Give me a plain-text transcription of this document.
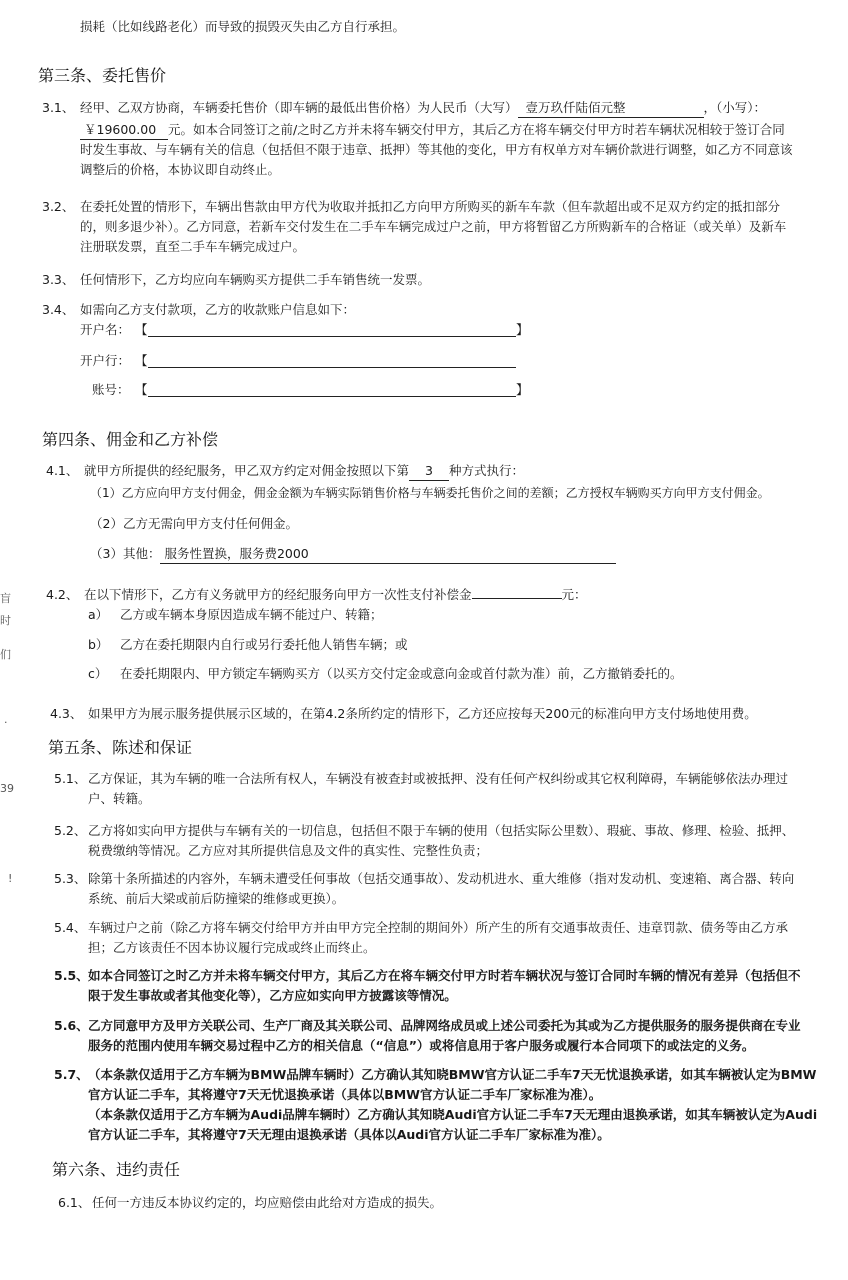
损耗（比如线路老化）而导致的损毁灭失由乙方自行承担。
第三条、委托售价
3.1、 经甲、乙双方协商，车辆委托售价（即车辆的最低出售价格）为人民币（大写） 壹万玖仟陆佰元整	，（小写）：
￥19600.00 元。如本合同签订之前/之时乙方并未将车辆交付甲方，其后乙方在将车辆交付甲方时若车辆状况相较于签订合同
时发生事故、与车辆有关的信息（包括但不限于违章、抵押）等其他的变化，甲方有权单方对车辆价款进行调整，如乙方不同意该
调整后的价格，本协议即自动终止。
3.2、 在委托处置的情形下，车辆出售款由甲方代为收取并抵扣乙方向甲方所购买的新车车款（但车款超出或不足双方约定的抵扣部分
的，则多退少补）。乙方同意，若新车交付发生在二手车车辆完成过户之前，甲方将暂留乙方所购新车的合格证（或关单）及新车
注册联发票，直至二手车车辆完成过户。
3.3、 任何情形下，乙方均应向车辆购买方提供二手车销售统一发票。
3.4、 如需向乙方支付款项，乙方的收款账户信息如下：
开户名： 【	】
开户行： 【
账号： 【	】
第四条、佣金和乙方补偿
4.1、 就甲方所提供的经纪服务，甲乙双方约定对佣金按照以下第 3 种方式执行：
（1）乙方应向甲方支付佣金，佣金金额为车辆实际销售价格与车辆委托售价之间的差额；乙方授权车辆购买方向甲方支付佣金。
（2）乙方无需向甲方支付任何佣金。
（3）其他： 服务性置换，服务费2000
4.2、 在以下情形下，乙方有义务就甲方的经纪服务向甲方一次性支付补偿金	元：
a） 乙方或车辆本身原因造成车辆不能过户、转籍；
b） 乙方在委托期限内自行或另行委托他人销售车辆；或
c） 在委托期限内、甲方锁定车辆购买方（以买方交付定金或意向金或首付款为准）前，乙方撤销委托的。
4.3、 如果甲方为展示服务提供展示区域的，在第4.2条所约定的情形下，乙方还应按每天200元的标准向甲方支付场地使用费。
第五条、陈述和保证
5.1、 乙方保证，其为车辆的唯一合法所有权人，车辆没有被查封或被抵押、没有任何产权纠纷或其它权利障碍，车辆能够依法办理过
户、转籍。
5.2、 乙方将如实向甲方提供与车辆有关的一切信息，包括但不限于车辆的使用（包括实际公里数）、瑕疵、事故、修理、检验、抵押、
税费缴纳等情况。乙方应对其所提供信息及文件的真实性、完整性负责；
5.3、 除第十条所描述的内容外，车辆未遭受任何事故（包括交通事故）、发动机进水、重大维修（指对发动机、变速箱、离合器、转向
系统、前后大梁或前后防撞梁的维修或更换）。
5.4、 车辆过户之前（除乙方将车辆交付给甲方并由甲方完全控制的期间外）所产生的所有交通事故责任、违章罚款、债务等由乙方承
担；乙方该责任不因本协议履行完成或终止而终止。
5.5、 如本合同签订之时乙方并未将车辆交付甲方，其后乙方在将车辆交付甲方时若车辆状况与签订合同时车辆的情况有差异（包括但不
限于发生事故或者其他变化等），乙方应如实向甲方披露该等情况。
5.6、 乙方同意甲方及甲方关联公司、生产厂商及其关联公司、品牌网络成员或上述公司委托为其或为乙方提供服务的服务提供商在专业
服务的范围内使用车辆交易过程中乙方的相关信息（“信息”）或将信息用于客户服务或履行本合同项下的或法定的义务。
5.7、 （本条款仅适用于乙方车辆为BMW品牌车辆时）乙方确认其知晓BMW官方认证二手车7天无忧退换承诺，如其车辆被认定为BMW
官方认证二手车，其将遵守7天无忧退换承诺（具体以BMW官方认证二手车厂家标准为准）。
（本条款仅适用于乙方车辆为Audi品牌车辆时）乙方确认其知晓Audi官方认证二手车7天无理由退换承诺，如其车辆被认定为Audi
官方认证二手车，其将遵守7天无理由退换承诺（具体以Audi官方认证二手车厂家标准为准）。
第六条、违约责任
6.1、 任何一方违反本协议约定的，均应赔偿由此给对方造成的损失。
盲
时
们
.
39
!
